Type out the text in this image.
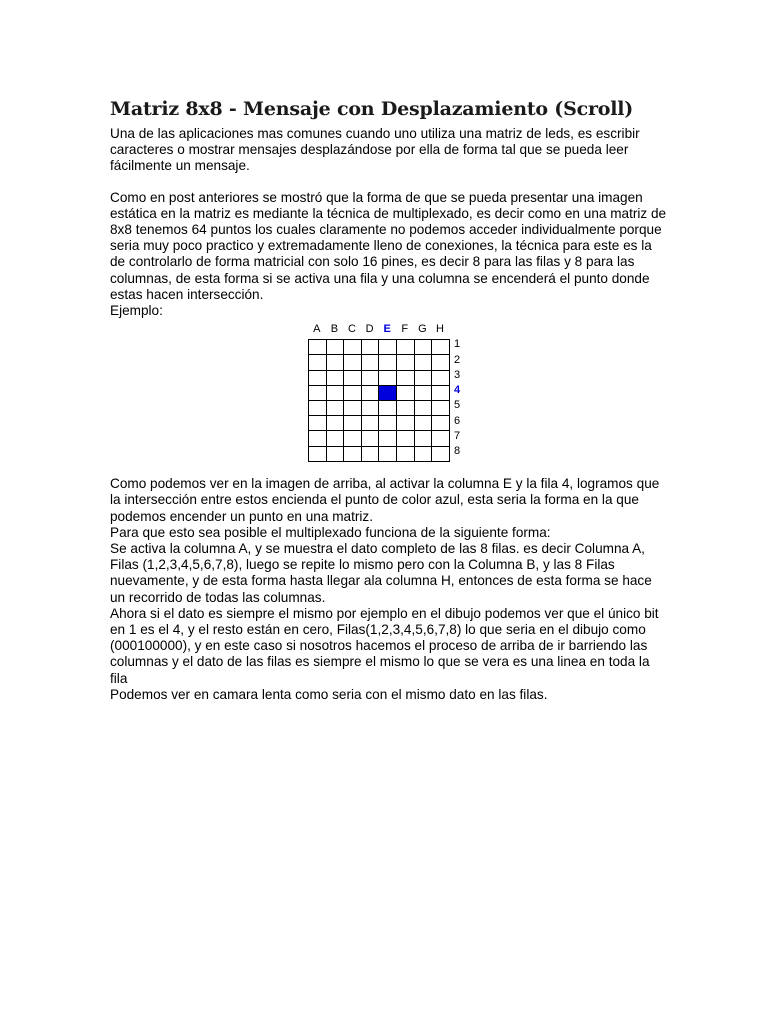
Matriz 8x8 - Mensaje con Desplazamiento (Scroll)

Una de las aplicaciones mas comunes cuando uno utiliza una matriz de leds, es escribir caracteres o mostrar mensajes desplazándose por ella de forma tal que se pueda leer fácilmente un mensaje.

Como en post anteriores se mostró que la forma de que se pueda presentar una imagen estática en la matriz es mediante la técnica de multiplexado, es decir como en una matriz de 8x8 tenemos 64 puntos los cuales claramente no podemos acceder individualmente porque seria muy poco practico y extremadamente lleno de conexiones, la técnica para este es la de controlarlo de forma matricial con solo 16 pines, es decir 8 para las filas y 8 para las columnas, de esta forma si se activa una fila y una columna se encenderá el punto donde estas hacen intersección.

Ejemplo:

A B C D E F G H

1
2
3
4
5
6
7
8

Como podemos ver en la imagen de arriba, al activar la columna E y la fila 4, logramos que la intersección entre estos encienda el punto de color azul, esta seria la forma en la que podemos encender un punto en una matriz.

Para que esto sea posible el multiplexado funciona de la siguiente forma:

Se activa la columna A, y se muestra el dato completo de las 8 filas. es decir Columna A, Filas (1,2,3,4,5,6,7,8), luego se repite lo mismo pero con la Columna B, y las 8 Filas nuevamente, y de esta forma hasta llegar ala columna H, entonces de esta forma se hace un recorrido de todas las columnas.

Ahora si el dato es siempre el mismo por ejemplo en el dibujo podemos ver que el único bit en 1 es el 4, y el resto están en cero, Filas(1,2,3,4,5,6,7,8) lo que seria en el dibujo como (000100000), y en este caso si nosotros hacemos el proceso de arriba de ir barriendo las columnas y el dato de las filas es siempre el mismo lo que se vera es una linea en toda la fila

Podemos ver en camara lenta como seria con el mismo dato en las filas.
